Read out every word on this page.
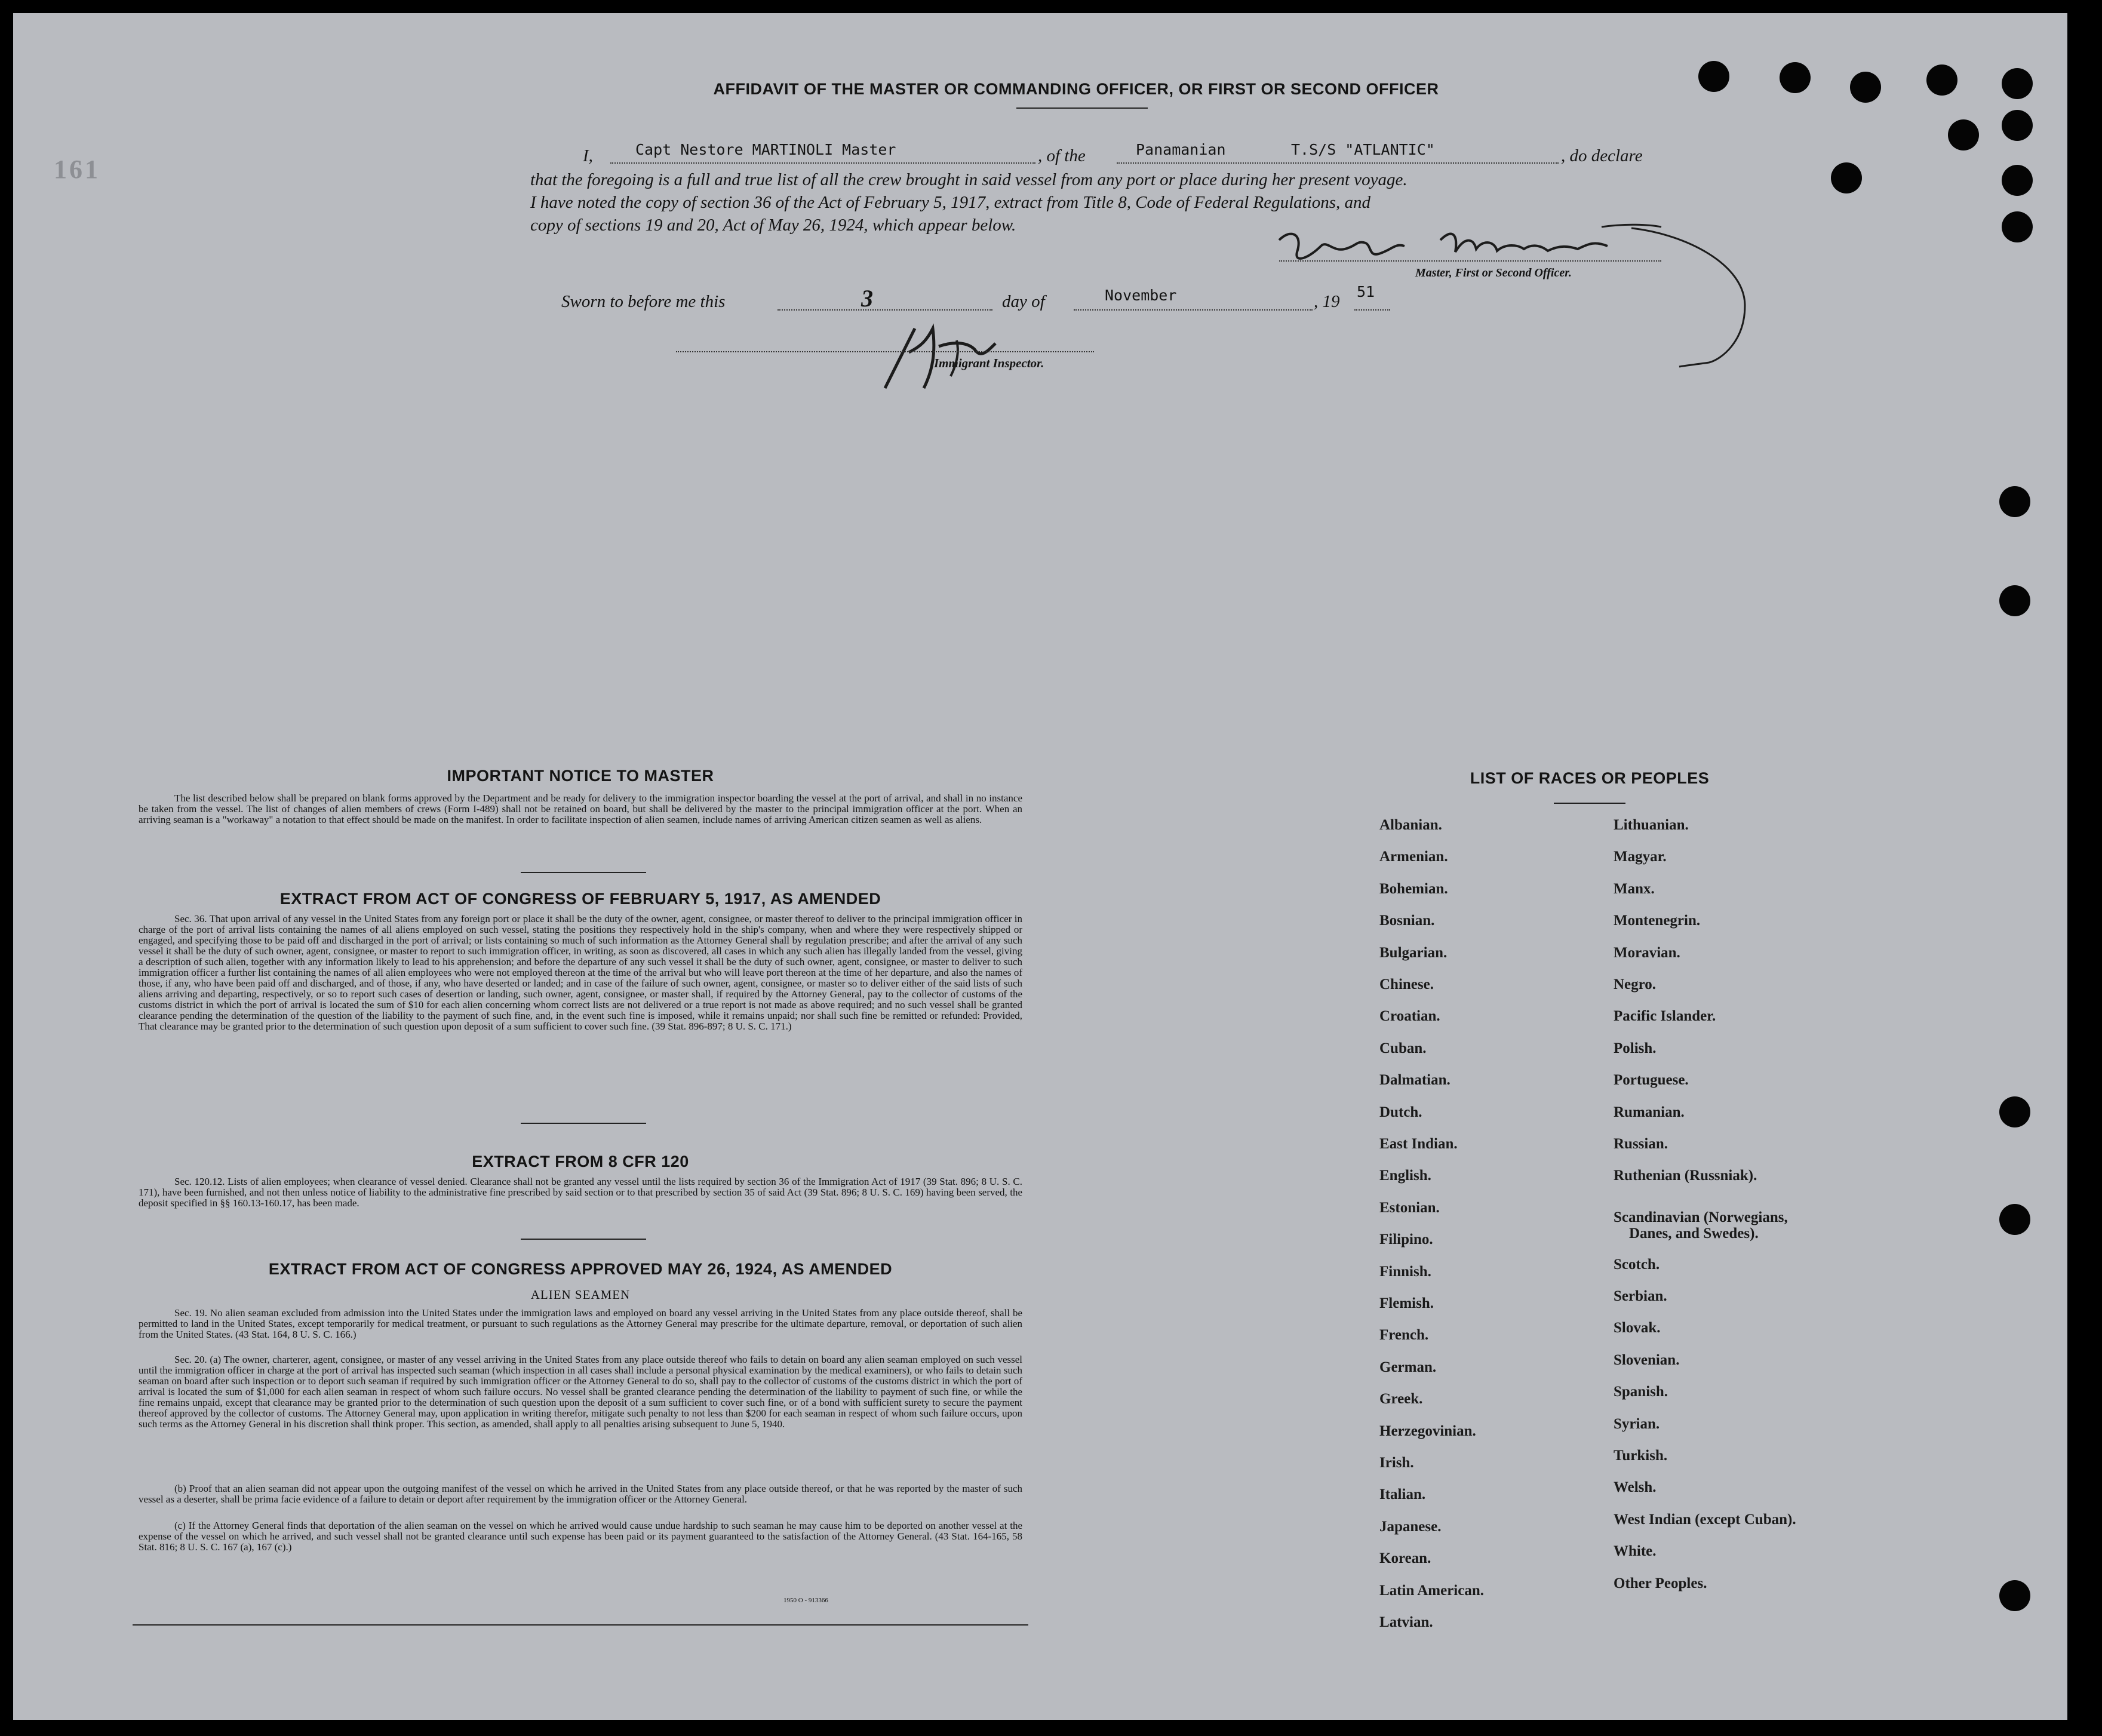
161
AFFIDAVIT OF THE MASTER OR COMMANDING OFFICER, OR FIRST OR SECOND OFFICER
I,	Capt Nestore MARTINOLI Master	, of the	Panamanian	T.S/S "ATLANTIC"	, do declare
that the foregoing is a full and true list of all the crew brought in said vessel from any port or place during her present voyage.
I have noted the copy of section 36 of the Act of February 5, 1917, extract from Title 8, Code of Federal Regulations, and
copy of sections 19 and 20, Act of May 26, 1924, which appear below.
Master, First or Second Officer.
Sworn to before me this	3	day of	November	, 19
51
Immigrant Inspector.
IMPORTANT NOTICE TO MASTER
The list described below shall be prepared on blank forms approved by the Department and be ready for delivery to the immigration inspector boarding the vessel at the port of arrival, and shall in no instance be taken from the vessel. The list of changes of alien members of crews (Form I-489) shall not be retained on board, but shall be delivered by the master to the principal immigration officer at the port. When an arriving seaman is a "workaway" a notation to that effect should be made on the manifest. In order to facilitate inspection of alien seamen, include names of arriving American citizen seamen as well as aliens.
EXTRACT FROM ACT OF CONGRESS OF FEBRUARY 5, 1917, AS AMENDED
Sec. 36. That upon arrival of any vessel in the United States from any foreign port or place it shall be the duty of the owner, agent, consignee, or master thereof to deliver to the principal immigration officer in charge of the port of arrival lists containing the names of all aliens employed on such vessel, stating the positions they respectively hold in the ship's company, when and where they were respectively shipped or engaged, and specifying those to be paid off and discharged in the port of arrival; or lists containing so much of such information as the Attorney General shall by regulation prescribe; and after the arrival of any such vessel it shall be the duty of such owner, agent, consignee, or master to report to such immigration officer, in writing, as soon as discovered, all cases in which any such alien has illegally landed from the vessel, giving a description of such alien, together with any information likely to lead to his apprehension; and before the departure of any such vessel it shall be the duty of such owner, agent, consignee, or master to deliver to such immigration officer a further list containing the names of all alien employees who were not employed thereon at the time of the arrival but who will leave port thereon at the time of her departure, and also the names of those, if any, who have been paid off and discharged, and of those, if any, who have deserted or landed; and in case of the failure of such owner, agent, consignee, or master so to deliver either of the said lists of such aliens arriving and departing, respectively, or so to report such cases of desertion or landing, such owner, agent, consignee, or master shall, if required by the Attorney General, pay to the collector of customs of the customs district in which the port of arrival is located the sum of $10 for each alien concerning whom correct lists are not delivered or a true report is not made as above required; and no such vessel shall be granted clearance pending the determination of the question of the liability to the payment of such fine, and, in the event such fine is imposed, while it remains unpaid; nor shall such fine be remitted or refunded: Provided, That clearance may be granted prior to the determination of such question upon deposit of a sum sufficient to cover such fine. (39 Stat. 896-897; 8 U. S. C. 171.)
EXTRACT FROM 8 CFR 120
Sec. 120.12. Lists of alien employees; when clearance of vessel denied. Clearance shall not be granted any vessel until the lists required by section 36 of the Immigration Act of 1917 (39 Stat. 896; 8 U. S. C. 171), have been furnished, and not then unless notice of liability to the administrative fine prescribed by said section or to that prescribed by section 35 of said Act (39 Stat. 896; 8 U. S. C. 169) having been served, the deposit specified in §§ 160.13-160.17, has been made.
EXTRACT FROM ACT OF CONGRESS APPROVED MAY 26, 1924, AS AMENDED
ALIEN SEAMEN
Sec. 19. No alien seaman excluded from admission into the United States under the immigration laws and employed on board any vessel arriving in the United States from any place outside thereof, shall be permitted to land in the United States, except temporarily for medical treatment, or pursuant to such regulations as the Attorney General may prescribe for the ultimate departure, removal, or deportation of such alien from the United States. (43 Stat. 164, 8 U. S. C. 166.)
Sec. 20. (a) The owner, charterer, agent, consignee, or master of any vessel arriving in the United States from any place outside thereof who fails to detain on board any alien seaman employed on such vessel until the immigration officer in charge at the port of arrival has inspected such seaman (which inspection in all cases shall include a personal physical examination by the medical examiners), or who fails to detain such seaman on board after such inspection or to deport such seaman if required by such immigration officer or the Attorney General to do so, shall pay to the collector of customs of the customs district in which the port of arrival is located the sum of $1,000 for each alien seaman in respect of whom such failure occurs. No vessel shall be granted clearance pending the determination of the liability to payment of such fine, or while the fine remains unpaid, except that clearance may be granted prior to the determination of such question upon the deposit of a sum sufficient to cover such fine, or of a bond with sufficient surety to secure the payment thereof approved by the collector of customs. The Attorney General may, upon application in writing therefor, mitigate such penalty to not less than $200 for each seaman in respect of whom such failure occurs, upon such terms as the Attorney General in his discretion shall think proper. This section, as amended, shall apply to all penalties arising subsequent to June 5, 1940.
(b) Proof that an alien seaman did not appear upon the outgoing manifest of the vessel on which he arrived in the United States from any place outside thereof, or that he was reported by the master of such vessel as a deserter, shall be prima facie evidence of a failure to detain or deport after requirement by the immigration officer or the Attorney General.
(c) If the Attorney General finds that deportation of the alien seaman on the vessel on which he arrived would cause undue hardship to such seaman he may cause him to be deported on another vessel at the expense of the vessel on which he arrived, and such vessel shall not be granted clearance until such expense has been paid or its payment guaranteed to the satisfaction of the Attorney General. (43 Stat. 164-165, 58 Stat. 816; 8 U. S. C. 167 (a), 167 (c).)
1950 O - 913366
LIST OF RACES OR PEOPLES
Albanian.
Armenian.
Bohemian.
Bosnian.
Bulgarian.
Chinese.
Croatian.
Cuban.
Dalmatian.
Dutch.
East Indian.
English.
Estonian.
Filipino.
Finnish.
Flemish.
French.
German.
Greek.
Herzegovinian.
Irish.
Italian.
Japanese.
Korean.
Latin American.
Latvian.
Lithuanian.
Magyar.
Manx.
Montenegrin.
Moravian.
Negro.
Pacific Islander.
Polish.
Portuguese.
Rumanian.
Russian.
Ruthenian (Russniak).
Scandinavian (Norwegians,
Danes, and Swedes).
Scotch.
Serbian.
Slovak.
Slovenian.
Spanish.
Syrian.
Turkish.
Welsh.
West Indian (except Cuban).
White.
Other Peoples.
